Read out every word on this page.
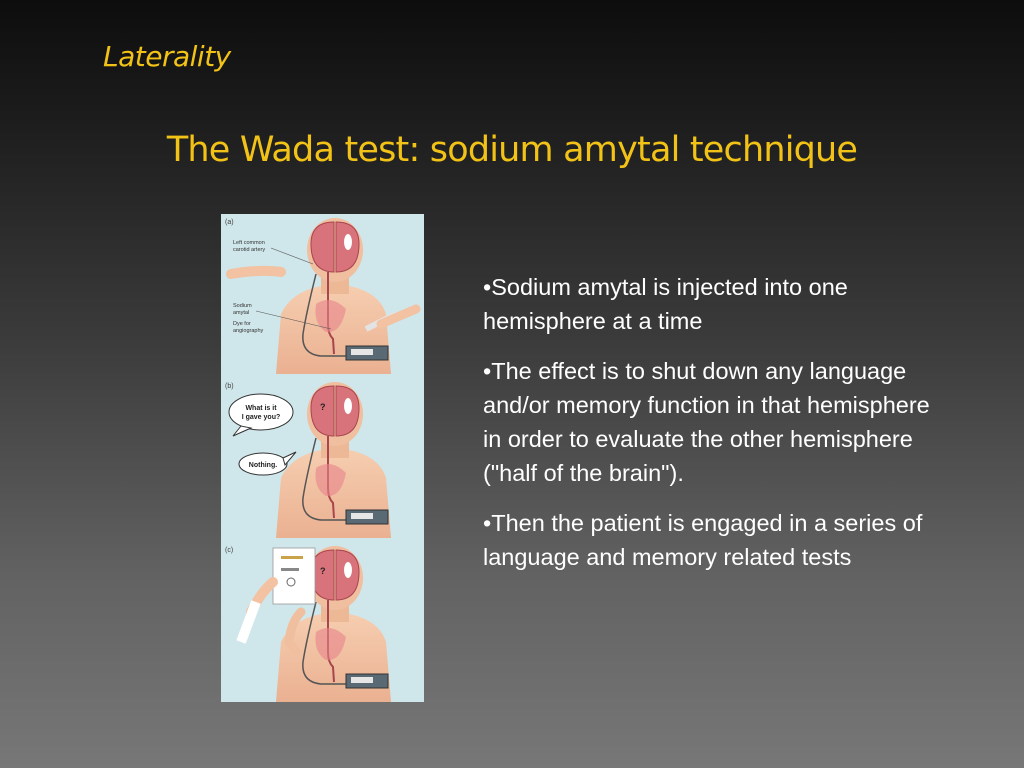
Laterality
The Wada test: sodium amytal technique
(a)
Left common
carotid artery
Sodium
amytal
Dye for
angiography
(b)
?
What is it
I gave you?
Nothing.
(c)
?

•Sodium amytal is injected into one hemisphere at a time

•The effect is to shut down any language and/or memory function in that hemisphere in order to evaluate the other hemisphere ("half of the brain").

•Then the patient is engaged in a series of language and memory related tests
